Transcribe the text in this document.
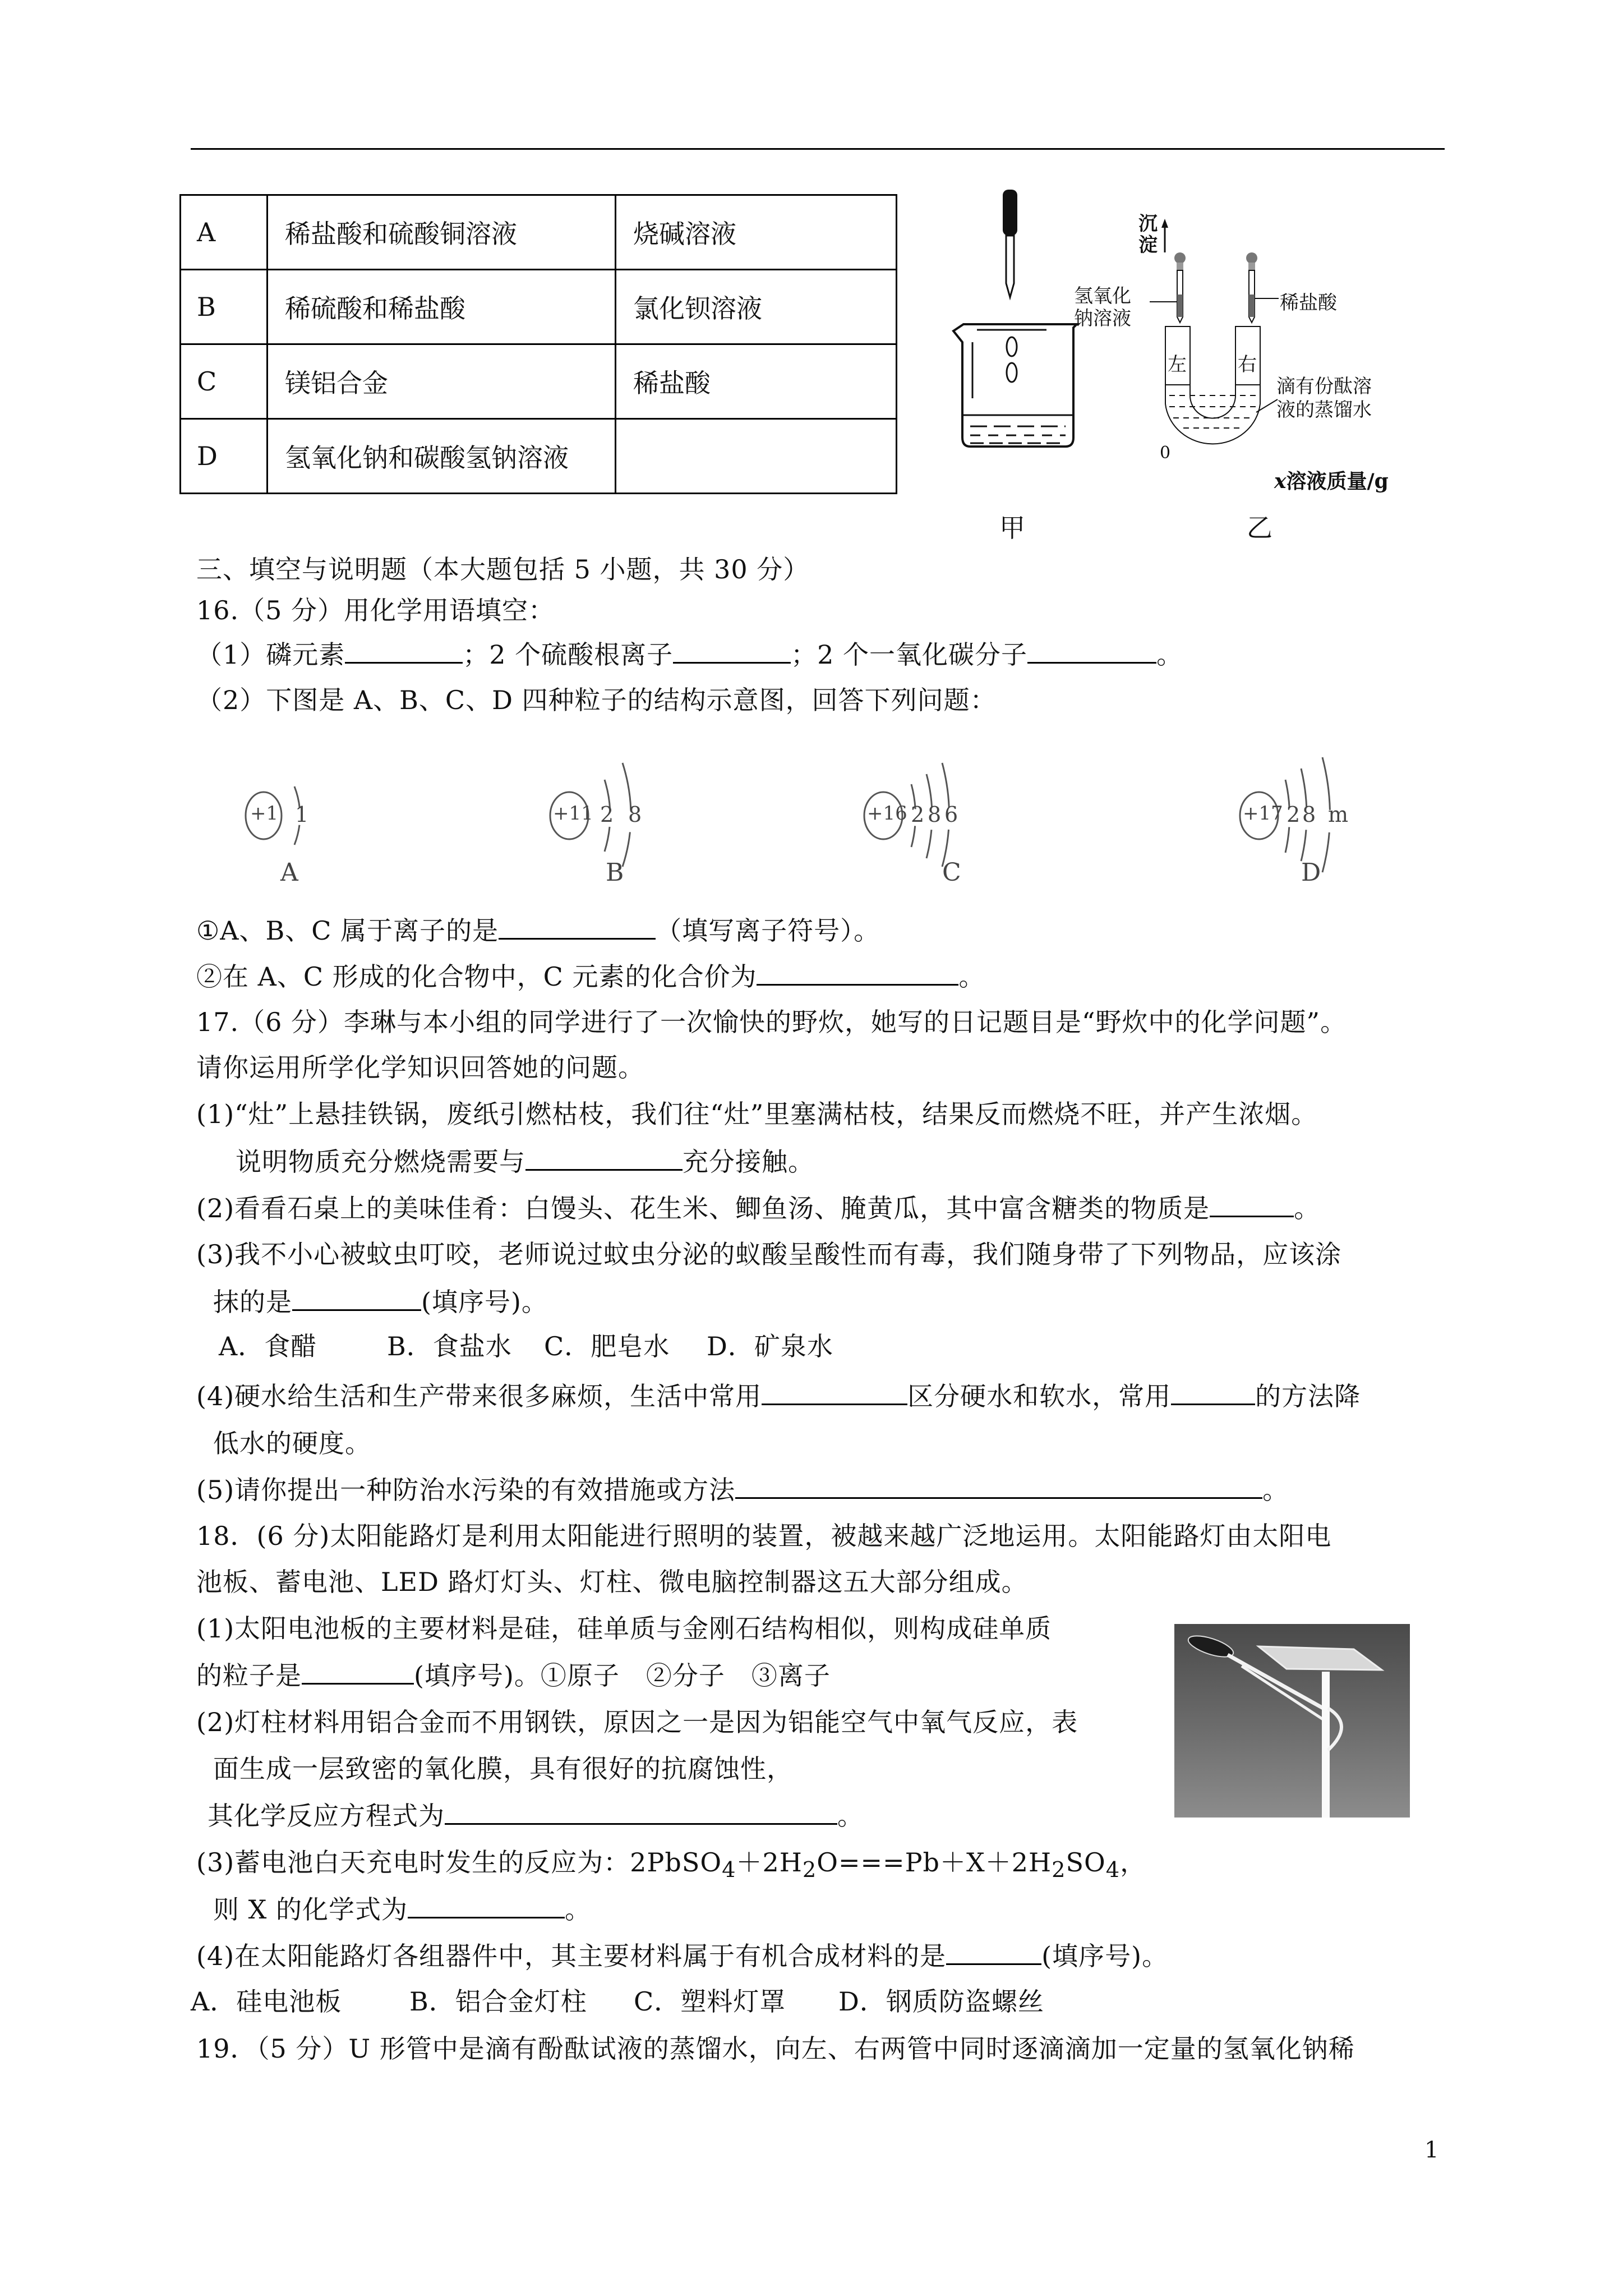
A	稀盐酸和硫酸铜溶液	烧碱溶液
B	稀硫酸和稀盐酸	氯化钡溶液
C	镁铝合金	稀盐酸
D	氢氧化钠和碳酸氢钠溶液	
甲
沉
淀
氢氧化
钠溶液
稀盐酸
左	右
滴有份酞溶
液的蒸馏水
0
x溶液质量/g
乙
三、填空与说明题（本大题包括 5 小题，共 30 分）
16.（5 分）用化学用语填空：
（1）磷元素	；2 个硫酸根离子	；2 个一氧化碳分子	。
（2）下图是 A、B、C、D 四种粒子的结构示意图，回答下列问题：
+1 1
A
+11 2 8
B
+16 2 8 6
C
+17 2 8 m
D
①A、B、C 属于离子的是	（填写离子符号）。
②在 A、C 形成的化合物中，C 元素的化合价为	。
17.（6 分）李琳与本小组的同学进行了一次愉快的野炊，她写的日记题目是“野炊中的化学问题”。
请你运用所学化学知识回答她的问题。
(1)“灶”上悬挂铁锅，废纸引燃枯枝，我们往“灶”里塞满枯枝，结果反而燃烧不旺，并产生浓烟。
说明物质充分燃烧需要与	充分接触。
(2)看看石桌上的美味佳肴：白馒头、花生米、鲫鱼汤、腌黄瓜，其中富含糖类的物质是	。
(3)我不小心被蚊虫叮咬，老师说过蚊虫分泌的蚁酸呈酸性而有毒，我们随身带了下列物品，应该涂
抹的是	(填序号)。
A．食醋	B．食盐水 C．肥皂水 D．矿泉水
(4)硬水给生活和生产带来很多麻烦，生活中常用	区分硬水和软水，常用	的方法降
低水的硬度。
(5)请你提出一种防治水污染的有效措施或方法	。
18．(6 分)太阳能路灯是利用太阳能进行照明的装置，被越来越广泛地运用。太阳能路灯由太阳电
池板、蓄电池、LED 路灯灯头、灯柱、微电脑控制器这五大部分组成。
(1)太阳电池板的主要材料是硅，硅单质与金刚石结构相似，则构成硅单质
的粒子是	(填序号)。①原子　②分子　③离子
(2)灯柱材料用铝合金而不用钢铁，原因之一是因为铝能空气中氧气反应，表
面生成一层致密的氧化膜，具有很好的抗腐蚀性，
其化学反应方程式为	。
(3)蓄电池白天充电时发生的反应为：$2PbSO_4+2H_2O===Pb+X+2H_2SO_4$，
则 X 的化学式为	。
(4)在太阳能路灯各组器件中，其主要材料属于有机合成材料的是	(填序号)。
A．硅电池板	B．铝合金灯柱 C．塑料灯罩 D．钢质防盗螺丝
19．（5 分）U 形管中是滴有酚酞试液的蒸馏水，向左、右两管中同时逐滴滴加一定量的氢氧化钠稀
1
